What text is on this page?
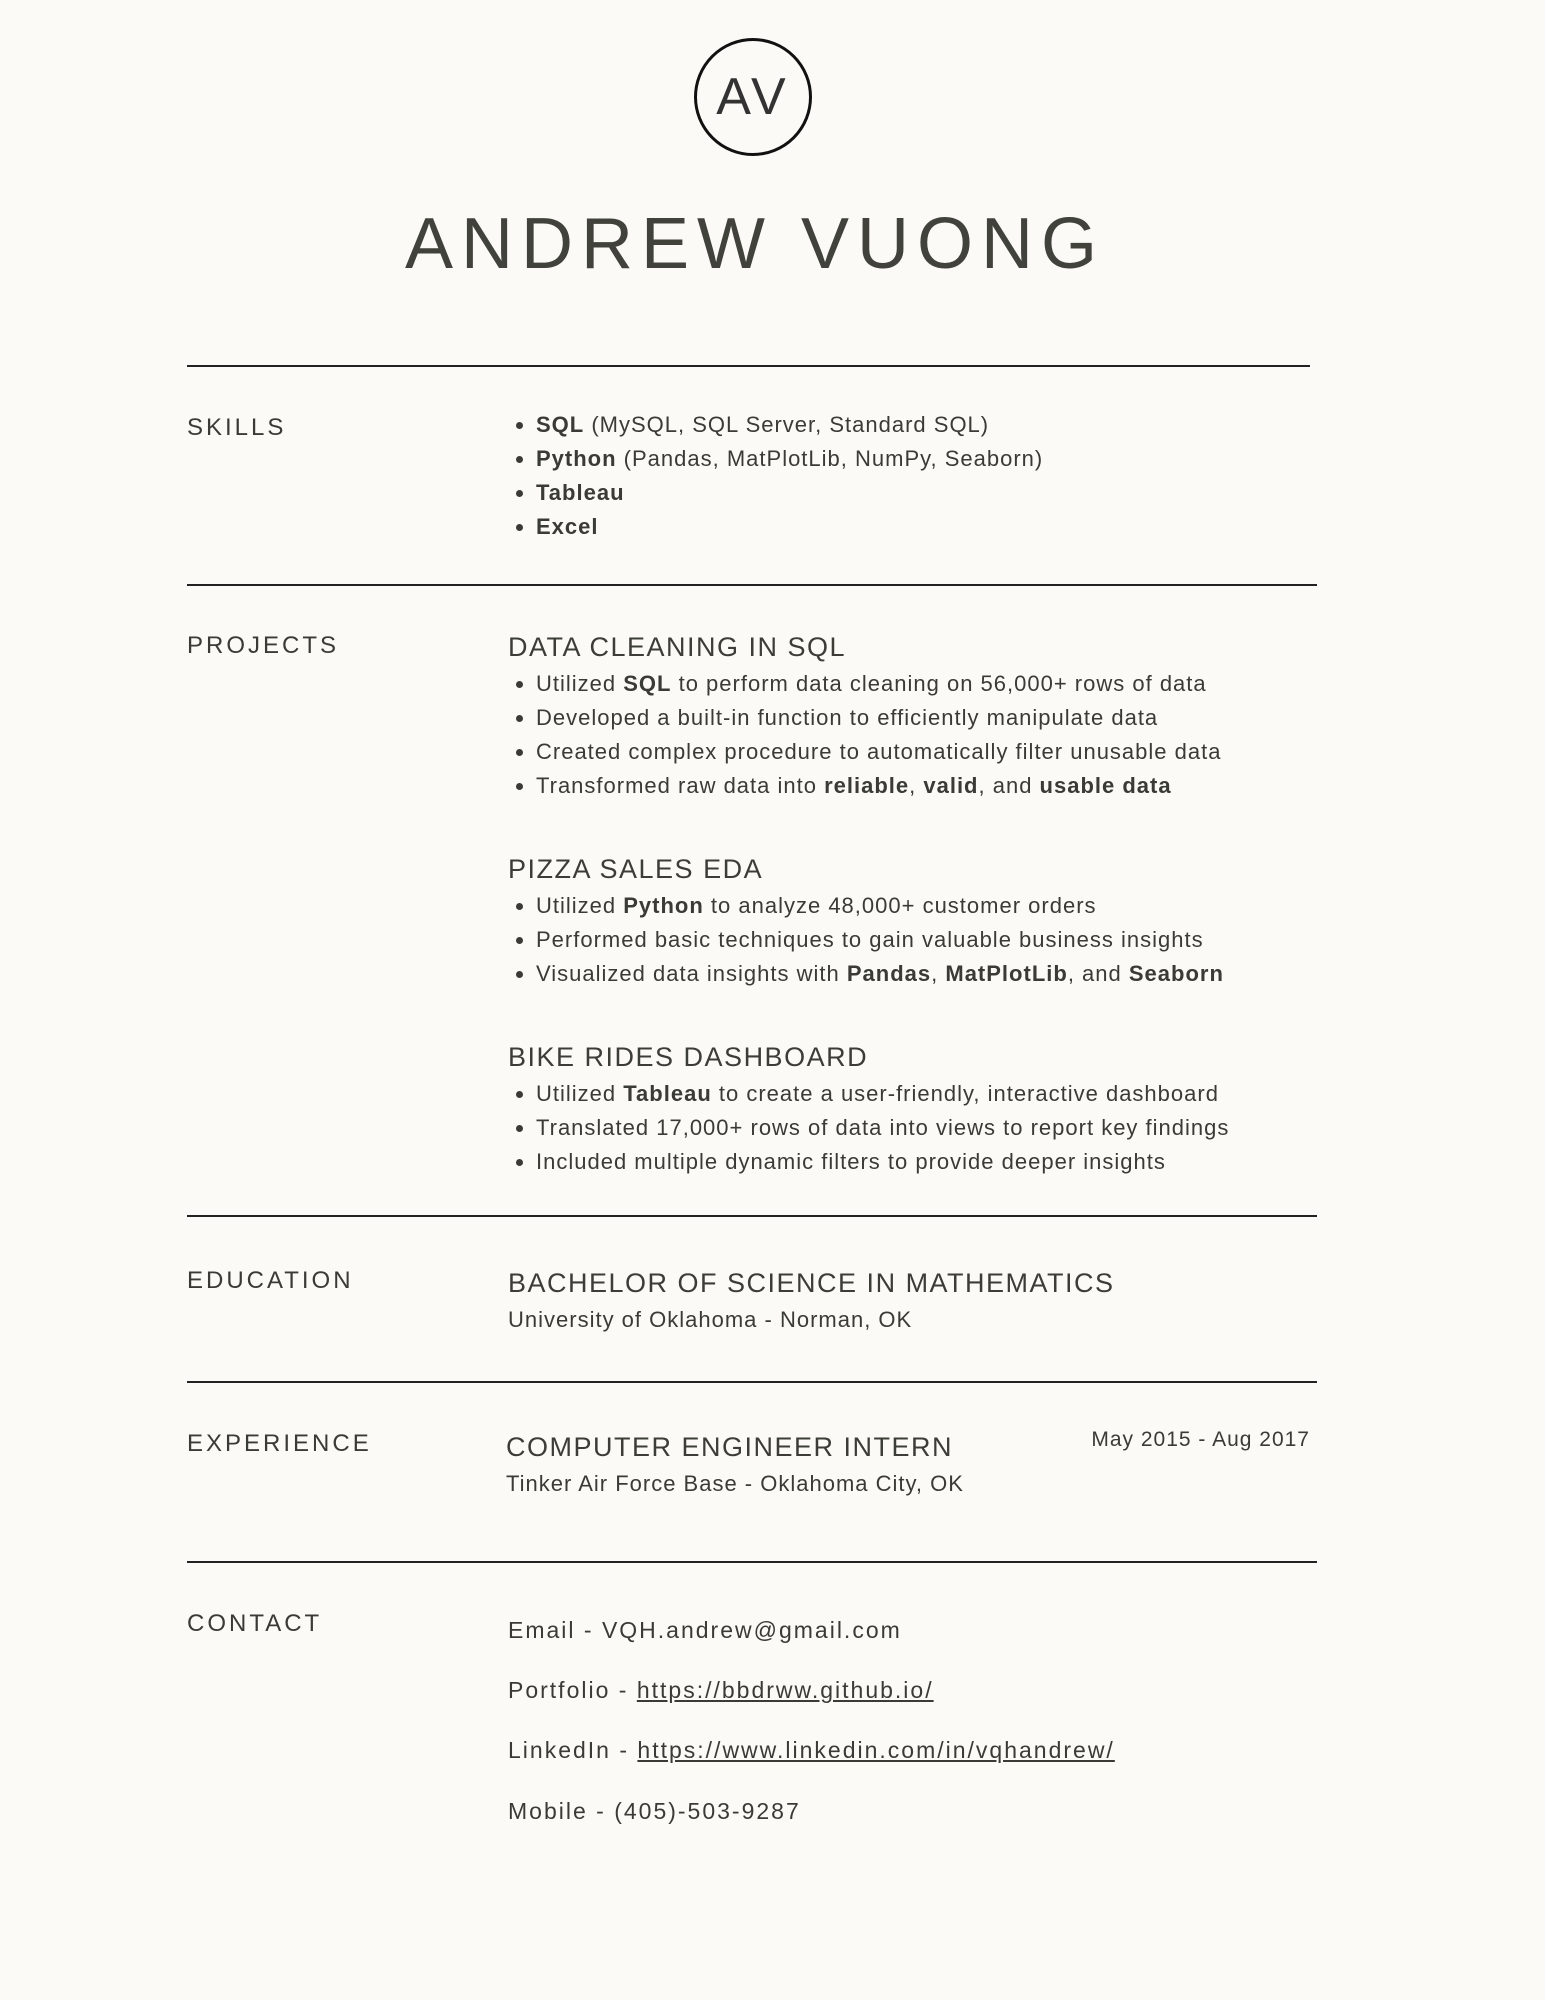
AV
ANDREW VUONG
SKILLS
•	SQL (MySQL, SQL Server, Standard SQL)
• Python (Pandas, MatPlotLib, NumPy, Seaborn)
• Tableau
• Excel
PROJECTS	DATA CLEANING IN SQL
• Utilized SQL to perform data cleaning on 56,000+ rows of data
• Developed a built-in function to efficiently manipulate data
• Created complex procedure to automatically filter unusable data
• Transformed raw data into reliable, valid, and usable data
PIZZA SALES EDA
• Utilized Python to analyze 48,000+ customer orders
• Performed basic techniques to gain valuable business insights
• Visualized data insights with Pandas, MatPlotLib, and Seaborn
BIKE RIDES DASHBOARD
• Utilized Tableau to create a user-friendly, interactive dashboard
• Translated 17,000+ rows of data into views to report key findings
• Included multiple dynamic filters to provide deeper insights
EDUCATION	BACHELOR OF SCIENCE IN MATHEMATICS
University of Oklahoma - Norman, OK
EXPERIENCE	COMPUTER ENGINEER INTERN
Tinker Air Force Base - Oklahoma City, OK
May 2015 - Aug 2017
CONTACT	Email - VQH.andrew@gmail.com
Portfolio - https://bbdrww.github.io/
LinkedIn - https://www.linkedin.com/in/vqhandrew/
Mobile - (405)-503-9287
